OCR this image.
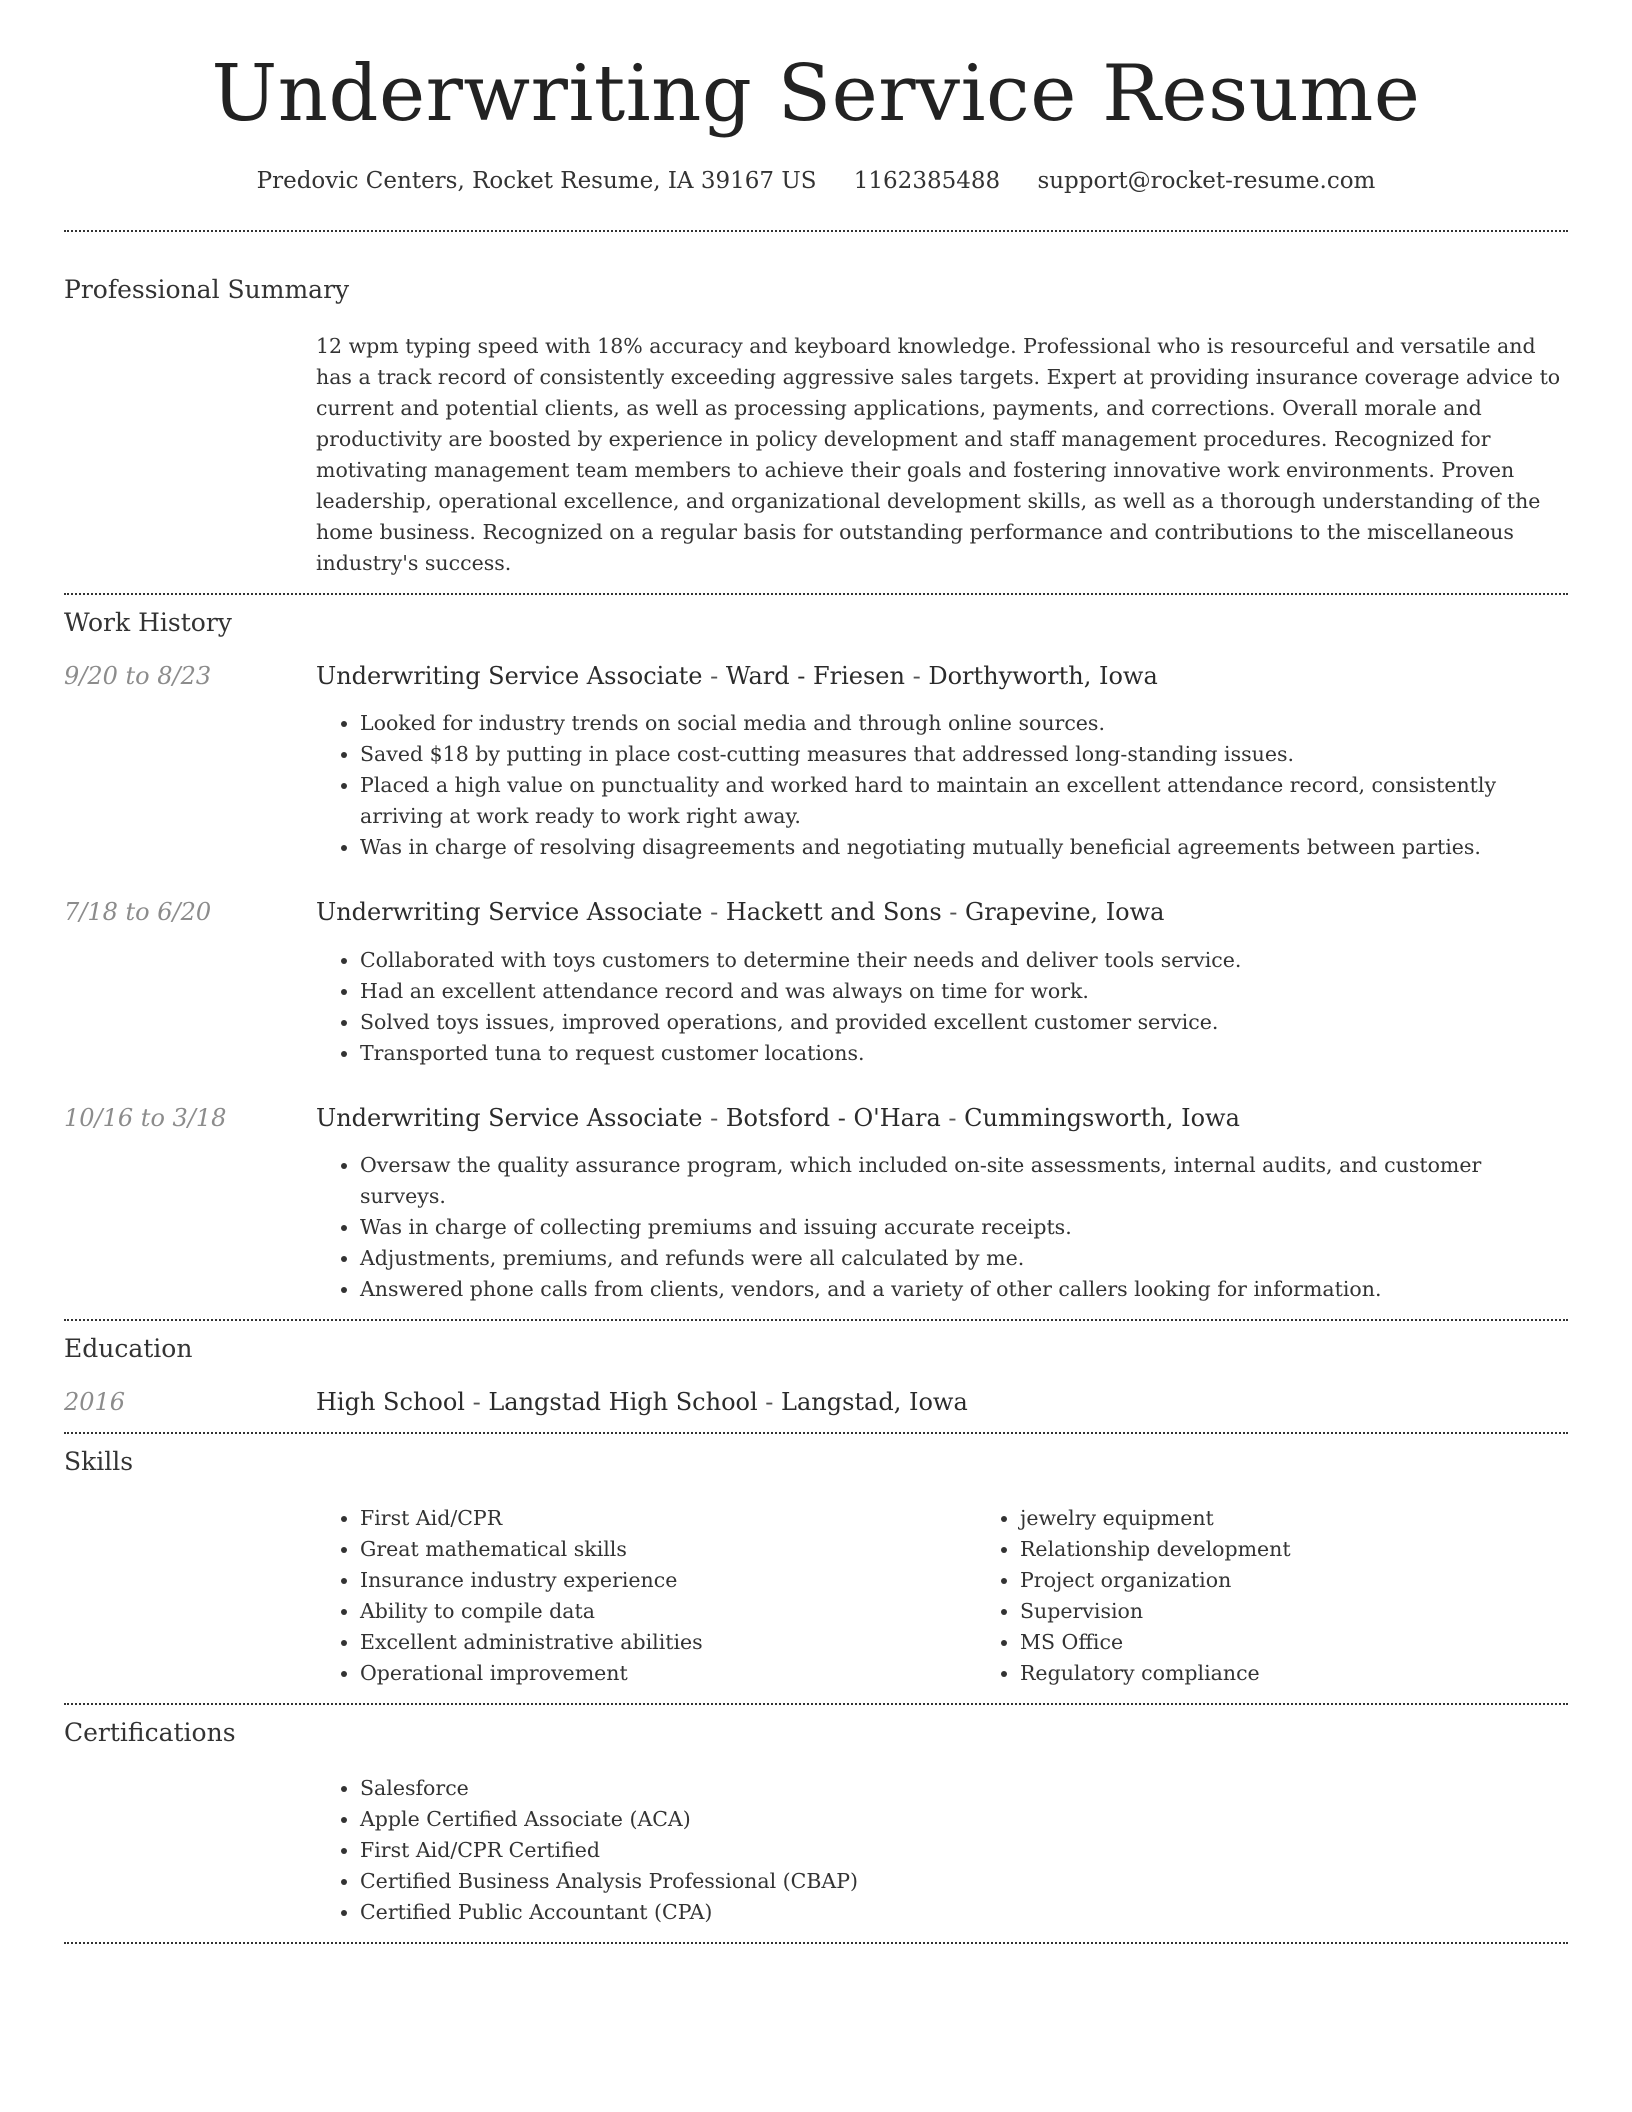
Underwriting Service Resume
Predovic Centers, Rocket Resume, IA 39167 US 1162385488 support@rocket-resume.com
Professional Summary
12 wpm typing speed with 18% accuracy and keyboard knowledge. Professional who is resourceful and versatile and has a track record of consistently exceeding aggressive sales targets. Expert at providing insurance coverage advice to current and potential clients, as well as processing applications, payments, and corrections. Overall morale and productivity are boosted by experience in policy development and staff management procedures. Recognized for motivating management team members to achieve their goals and fostering innovative work environments. Proven leadership, operational excellence, and organizational development skills, as well as a thorough understanding of the home business. Recognized on a regular basis for outstanding performance and contributions to the miscellaneous industry's success.
Work History
9/20 to 8/23	Underwriting Service Associate - Ward - Friesen - Dorthyworth, Iowa
• Looked for industry trends on social media and through online sources.
• Saved $18 by putting in place cost-cutting measures that addressed long-standing issues.
• Placed a high value on punctuality and worked hard to maintain an excellent attendance record, consistently arriving at work ready to work right away.
• Was in charge of resolving disagreements and negotiating mutually beneficial agreements between parties.
7/18 to 6/20	Underwriting Service Associate - Hackett and Sons - Grapevine, Iowa
• Collaborated with toys customers to determine their needs and deliver tools service.
• Had an excellent attendance record and was always on time for work.
• Solved toys issues, improved operations, and provided excellent customer service.
• Transported tuna to request customer locations.
10/16 to 3/18	Underwriting Service Associate - Botsford - O'Hara - Cummingsworth, Iowa
• Oversaw the quality assurance program, which included on-site assessments, internal audits, and customer surveys.
• Was in charge of collecting premiums and issuing accurate receipts.
• Adjustments, premiums, and refunds were all calculated by me.
• Answered phone calls from clients, vendors, and a variety of other callers looking for information.
Education
2016	High School - Langstad High School - Langstad, Iowa
Skills
• First Aid/CPR
• Great mathematical skills
• Insurance industry experience
• Ability to compile data
• Excellent administrative abilities
• Operational improvement
• jewelry equipment
• Relationship development
• Project organization
• Supervision
• MS Office
• Regulatory compliance
Certifications
• Salesforce
• Apple Certified Associate (ACA)
• First Aid/CPR Certified
• Certified Business Analysis Professional (CBAP)
• Certified Public Accountant (CPA)
